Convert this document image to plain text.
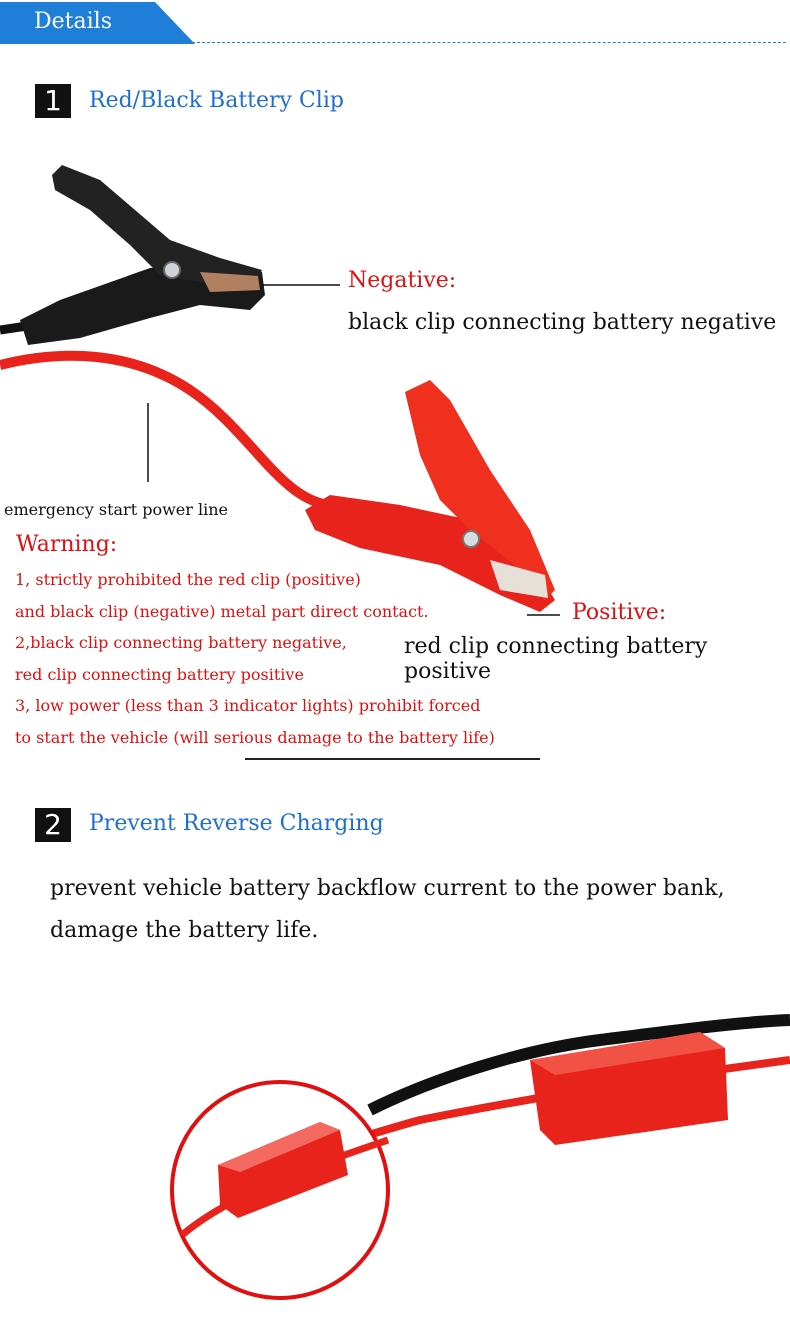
Details
1	Red/Black Battery Clip
Negative:
black clip connecting battery negative
emergency start power line
Positive:
red clip connecting battery positive
Warning:
1, strictly prohibited the red clip (positive)
and black clip (negative) metal part direct contact.
2,black clip connecting battery negative,
red clip connecting battery positive
3, low power (less than 3 indicator lights) prohibit forced
to start the vehicle (will serious damage to the battery life)
2	Prevent Reverse Charging
prevent vehicle battery backflow current to the power bank,
damage the battery life.
